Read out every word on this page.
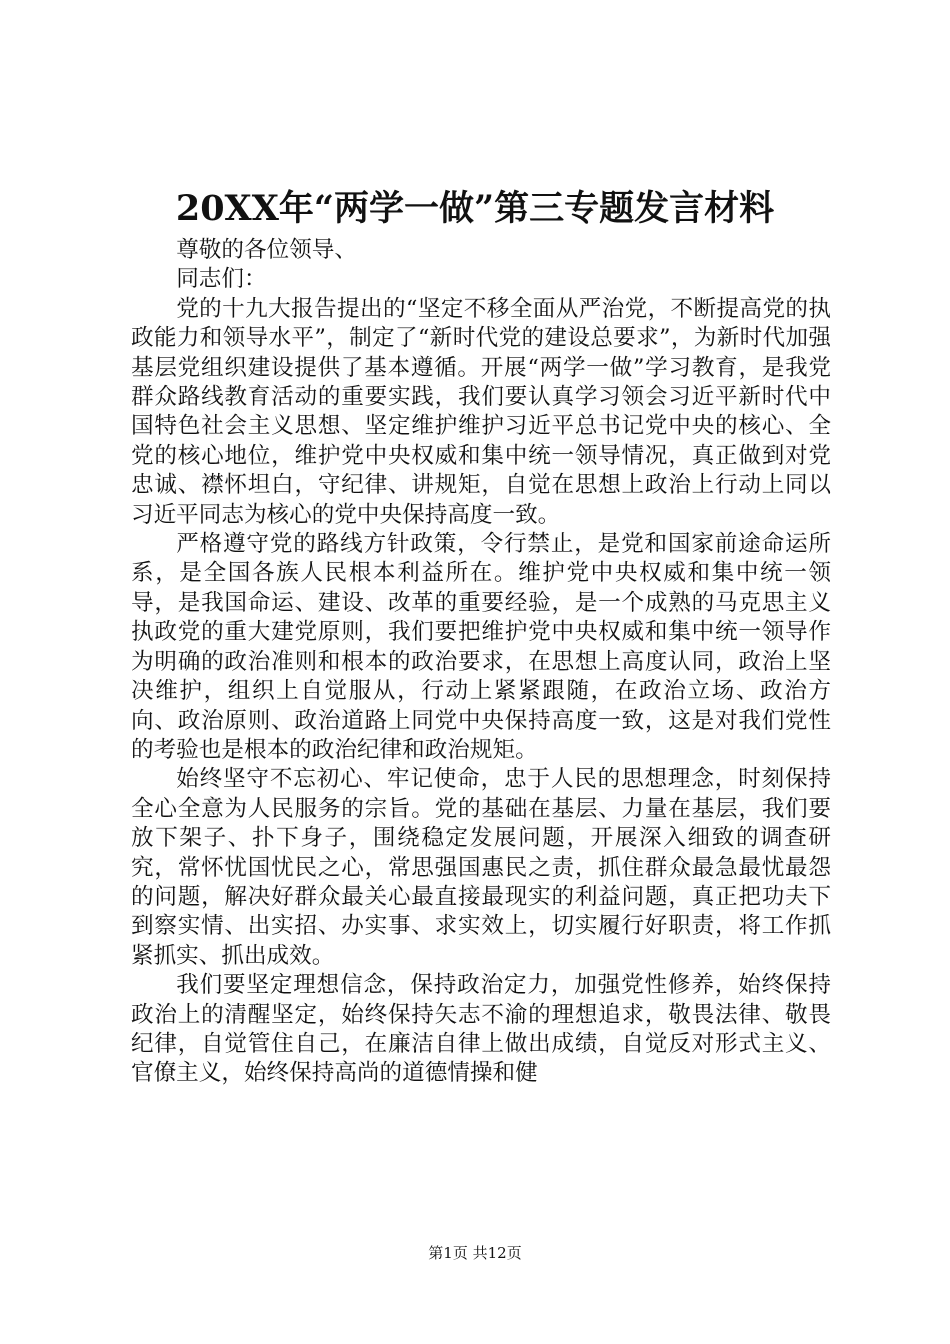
20XX年“两学一做”第三专题发言材料

尊敬的各位领导、

同志们：

党的十九大报告提出的“坚定不移全面从严治党，不断提高党的执政能力和领导水平”，制定了“新时代党的建设总要求”，为新时代加强基层党组织建设提供了基本遵循。开展“两学一做”学习教育，是我党群众路线教育活动的重要实践，我们要认真学习领会习近平新时代中国特色社会主义思想、坚定维护维护习近平总书记党中央的核心、全党的核心地位，维护党中央权威和集中统一领导情况，真正做到对党忠诚、襟怀坦白，守纪律、讲规矩，自觉在思想上政治上行动上同以习近平同志为核心的党中央保持高度一致。

严格遵守党的路线方针政策，令行禁止，是党和国家前途命运所系，是全国各族人民根本利益所在。维护党中央权威和集中统一领导，是我国命运、建设、改革的重要经验，是一个成熟的马克思主义执政党的重大建党原则，我们要把维护党中央权威和集中统一领导作为明确的政治准则和根本的政治要求，在思想上高度认同，政治上坚决维护，组织上自觉服从，行动上紧紧跟随，在政治立场、政治方向、政治原则、政治道路上同党中央保持高度一致，这是对我们党性的考验也是根本的政治纪律和政治规矩。

始终坚守不忘初心、牢记使命，忠于人民的思想理念，时刻保持全心全意为人民服务的宗旨。党的基础在基层、力量在基层，我们要放下架子、扑下身子，围绕稳定发展问题，开展深入细致的调查研究，常怀忧国忧民之心，常思强国惠民之责，抓住群众最急最忧最怨的问题，解决好群众最关心最直接最现实的利益问题，真正把功夫下到察实情、出实招、办实事、求实效上，切实履行好职责，将工作抓紧抓实、抓出成效。

我们要坚定理想信念，保持政治定力，加强党性修养，始终保持政治上的清醒坚定，始终保持矢志不渝的理想追求，敬畏法律、敬畏纪律，自觉管住自己，在廉洁自律上做出成绩，自觉反对形式主义、官僚主义，始终保持高尚的道德情操和健

第1页 共12页
